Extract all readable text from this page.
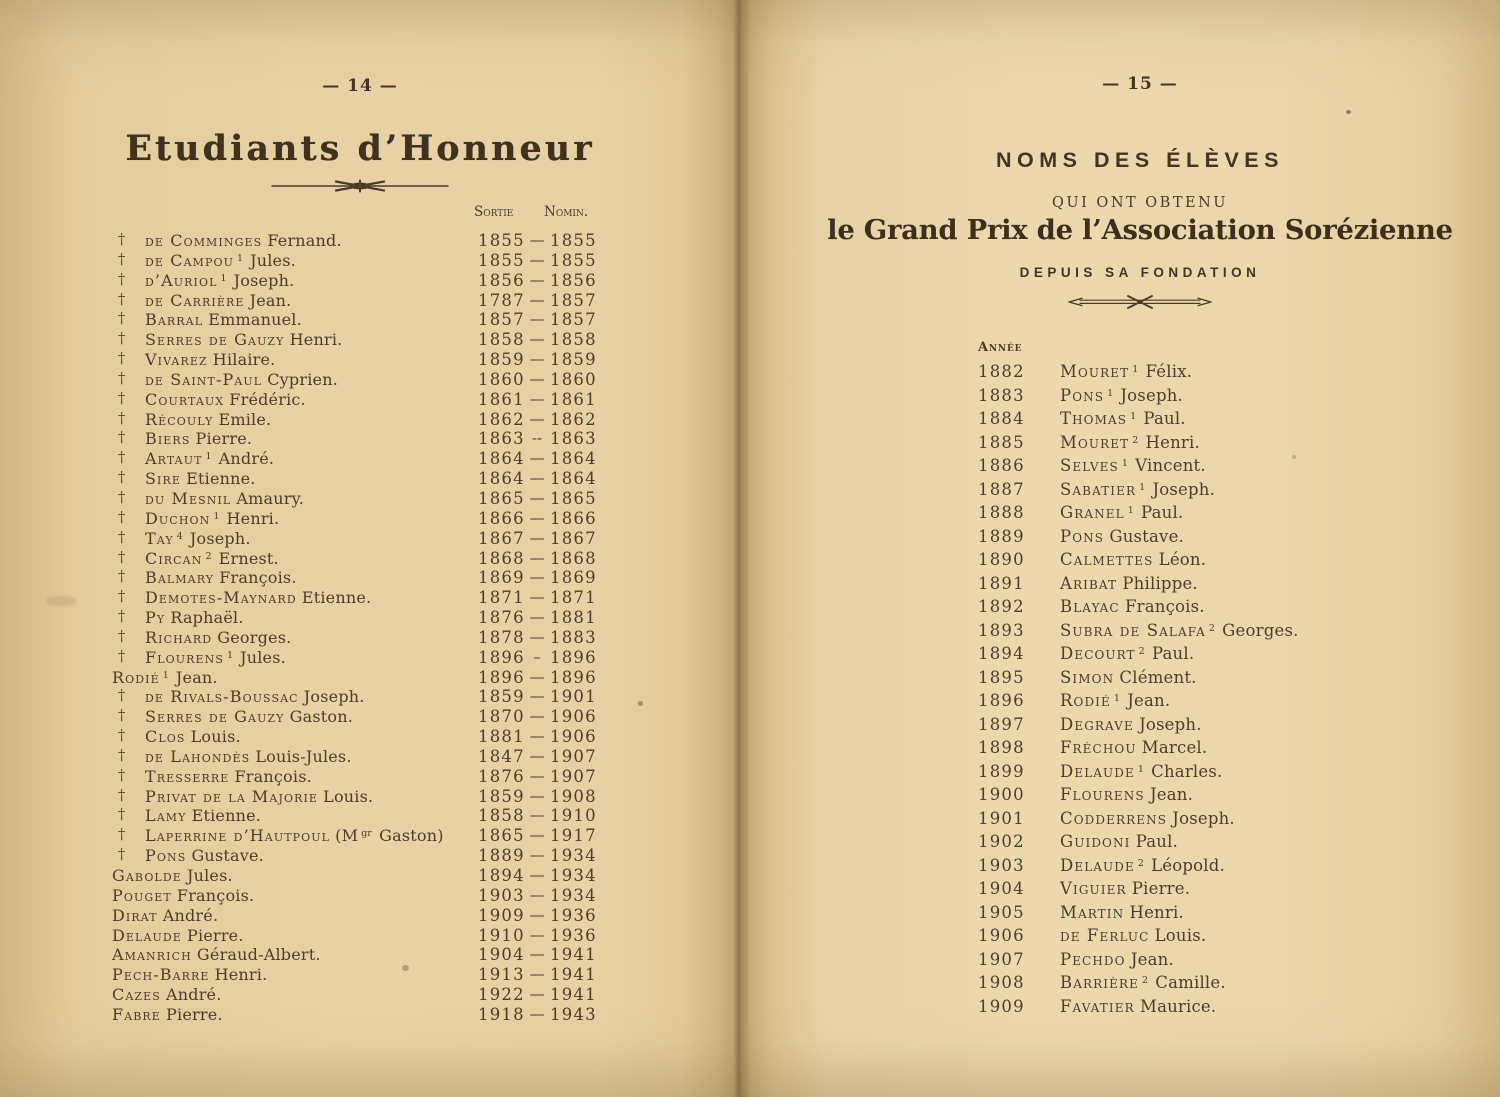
— 14 —
Etudiants d’Honneur
Sortie Nomin.
† de Comminges Fernand.	1855 — 1855
† de Campou $^1$ Jules.	1855 — 1855
† d’Auriol $^1$ Joseph.	1856 — 1856
† de Carrière Jean.	1787 — 1857
† Barral Emmanuel.	1857 — 1857
† Serres de Gauzy Henri.	1858 — 1858
† Vivarez Hilaire.	1859 — 1859
† de Saint-Paul Cyprien.	1860 — 1860
† Courtaux Frédéric.	1861 — 1861
† Récouly Emile.	1862 — 1862
† Biers Pierre.	1863 -- 1863
† Artaut $^1$ André.	1864 — 1864
† Sire Etienne.	1864 — 1864
† du Mesnil Amaury.	1865 — 1865
† Duchon $^1$ Henri.	1866 — 1866
† Tay $^4$ Joseph.	1867 — 1867
† Circan $^2$ Ernest.	1868 — 1868
† Balmary François.	1869 — 1869
† Demotes-Maynard Etienne.	1871 — 1871
† Py Raphaël.	1876 — 1881
† Richard Georges.	1878 — 1883
† Flourens $^1$ Jules.	1896 – 1896
Rodié $^1$ Jean.	1896 — 1896
† de Rivals-Boussac Joseph.	1859 — 1901
† Serres de Gauzy Gaston.	1870 — 1906
† Clos Louis.	1881 — 1906
† de Lahondès Louis-Jules.	1847 — 1907
† Tresserre François.	1876 — 1907
† Privat de la Majorie Louis.	1859 — 1908
† Lamy Etienne.	1858 — 1910
† Laperrine d’Hautpoul (M $^{gr}$ Gaston) 1865 — 1917
† Pons Gustave.	1889 — 1934
Gabolde Jules.	1894 — 1934
Pouget François.	1903 — 1934
Dirat André.	1909 — 1936
Delaude Pierre.	1910 — 1936
Amanrich Géraud-Albert.	1904 — 1941
Pech-Barre Henri.	1913 — 1941
Cazes André.	1922 — 1941
Fabre Pierre.	1918 — 1943
— 15 —
NOMS DES ÉLÈVES
QUI ONT OBTENU
le Grand Prix de l’Association Sorézienne
DEPUIS SA FONDATION
Année
1882 Mouret $^1$ Félix.
1883 Pons $^1$ Joseph.
1884 Thomas $^1$ Paul.
1885 Mouret $^2$ Henri.
1886 Selves $^1$ Vincent.
1887 Sabatier $^1$ Joseph.
1888 Granel $^1$ Paul.
1889 Pons Gustave.
1890 Calmettes Léon.
1891 Aribat Philippe.
1892 Blayac François.
1893 Subra de Salafa $^2$ Georges.
1894 Decourt $^2$ Paul.
1895 Simon Clément.
1896 Rodié $^1$ Jean.
1897 Degrave Joseph.
1898 Fréchou Marcel.
1899 Delaude $^1$ Charles.
1900 Flourens Jean.
1901 Codderrens Joseph.
1902 Guidoni Paul.
1903 Delaude $^2$ Léopold.
1904 Viguier Pierre.
1905 Martin Henri.
1906 de Ferluc Louis.
1907 Pechdo Jean.
1908 Barrière $^2$ Camille.
1909 Favatier Maurice.
